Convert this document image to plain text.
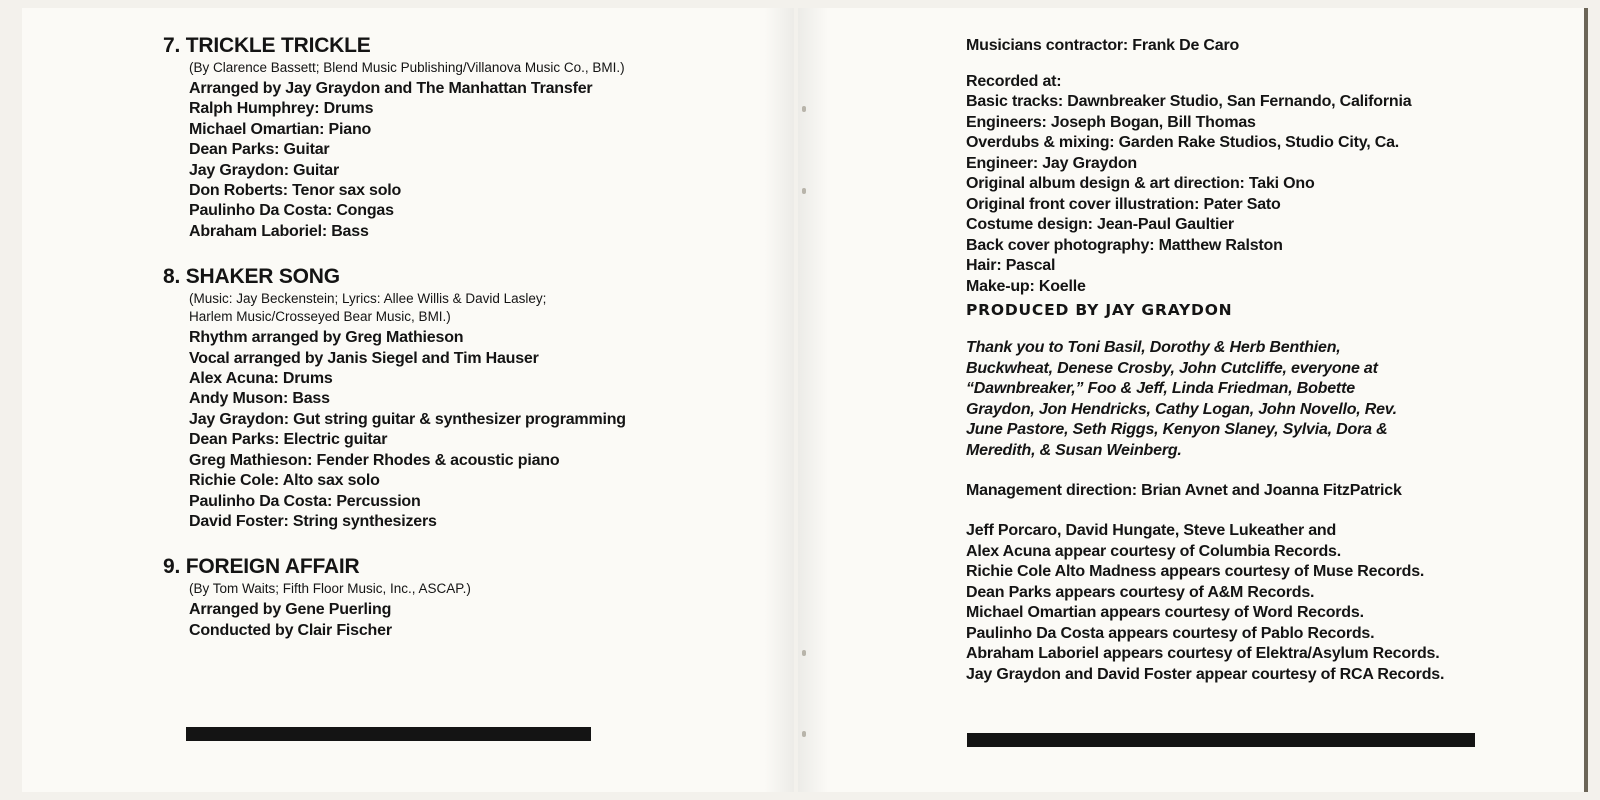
7. TRICKLE TRICKLE
(By Clarence Bassett; Blend Music Publishing/Villanova Music Co., BMI.)
Arranged by Jay Graydon and The Manhattan Transfer
Ralph Humphrey: Drums
Michael Omartian: Piano
Dean Parks: Guitar
Jay Graydon: Guitar
Don Roberts: Tenor sax solo
Paulinho Da Costa: Congas
Abraham Laboriel: Bass
8. SHAKER SONG
(Music: Jay Beckenstein; Lyrics: Allee Willis & David Lasley;
Harlem Music/Crosseyed Bear Music, BMI.)
Rhythm arranged by Greg Mathieson
Vocal arranged by Janis Siegel and Tim Hauser
Alex Acuna: Drums
Andy Muson: Bass
Jay Graydon: Gut string guitar & synthesizer programming
Dean Parks: Electric guitar
Greg Mathieson: Fender Rhodes & acoustic piano
Richie Cole: Alto sax solo
Paulinho Da Costa: Percussion
David Foster: String synthesizers
9. FOREIGN AFFAIR
(By Tom Waits; Fifth Floor Music, Inc., ASCAP.)
Arranged by Gene Puerling
Conducted by Clair Fischer
Musicians contractor: Frank De Caro
Recorded at:
Basic tracks: Dawnbreaker Studio, San Fernando, California
Engineers: Joseph Bogan, Bill Thomas
Overdubs & mixing: Garden Rake Studios, Studio City, Ca.
Engineer: Jay Graydon
Original album design & art direction: Taki Ono
Original front cover illustration: Pater Sato
Costume design: Jean-Paul Gaultier
Back cover photography: Matthew Ralston
Hair: Pascal
Make-up: Koelle
PRODUCED BY JAY GRAYDON
Thank you to Toni Basil, Dorothy & Herb Benthien,
Buckwheat, Denese Crosby, John Cutcliffe, everyone at
“Dawnbreaker,” Foo & Jeff, Linda Friedman, Bobette
Graydon, Jon Hendricks, Cathy Logan, John Novello, Rev.
June Pastore, Seth Riggs, Kenyon Slaney, Sylvia, Dora &
Meredith, & Susan Weinberg.
Management direction: Brian Avnet and Joanna FitzPatrick
Jeff Porcaro, David Hungate, Steve Lukeather and
Alex Acuna appear courtesy of Columbia Records.
Richie Cole Alto Madness appears courtesy of Muse Records.
Dean Parks appears courtesy of A&M Records.
Michael Omartian appears courtesy of Word Records.
Paulinho Da Costa appears courtesy of Pablo Records.
Abraham Laboriel appears courtesy of Elektra/Asylum Records.
Jay Graydon and David Foster appear courtesy of RCA Records.
